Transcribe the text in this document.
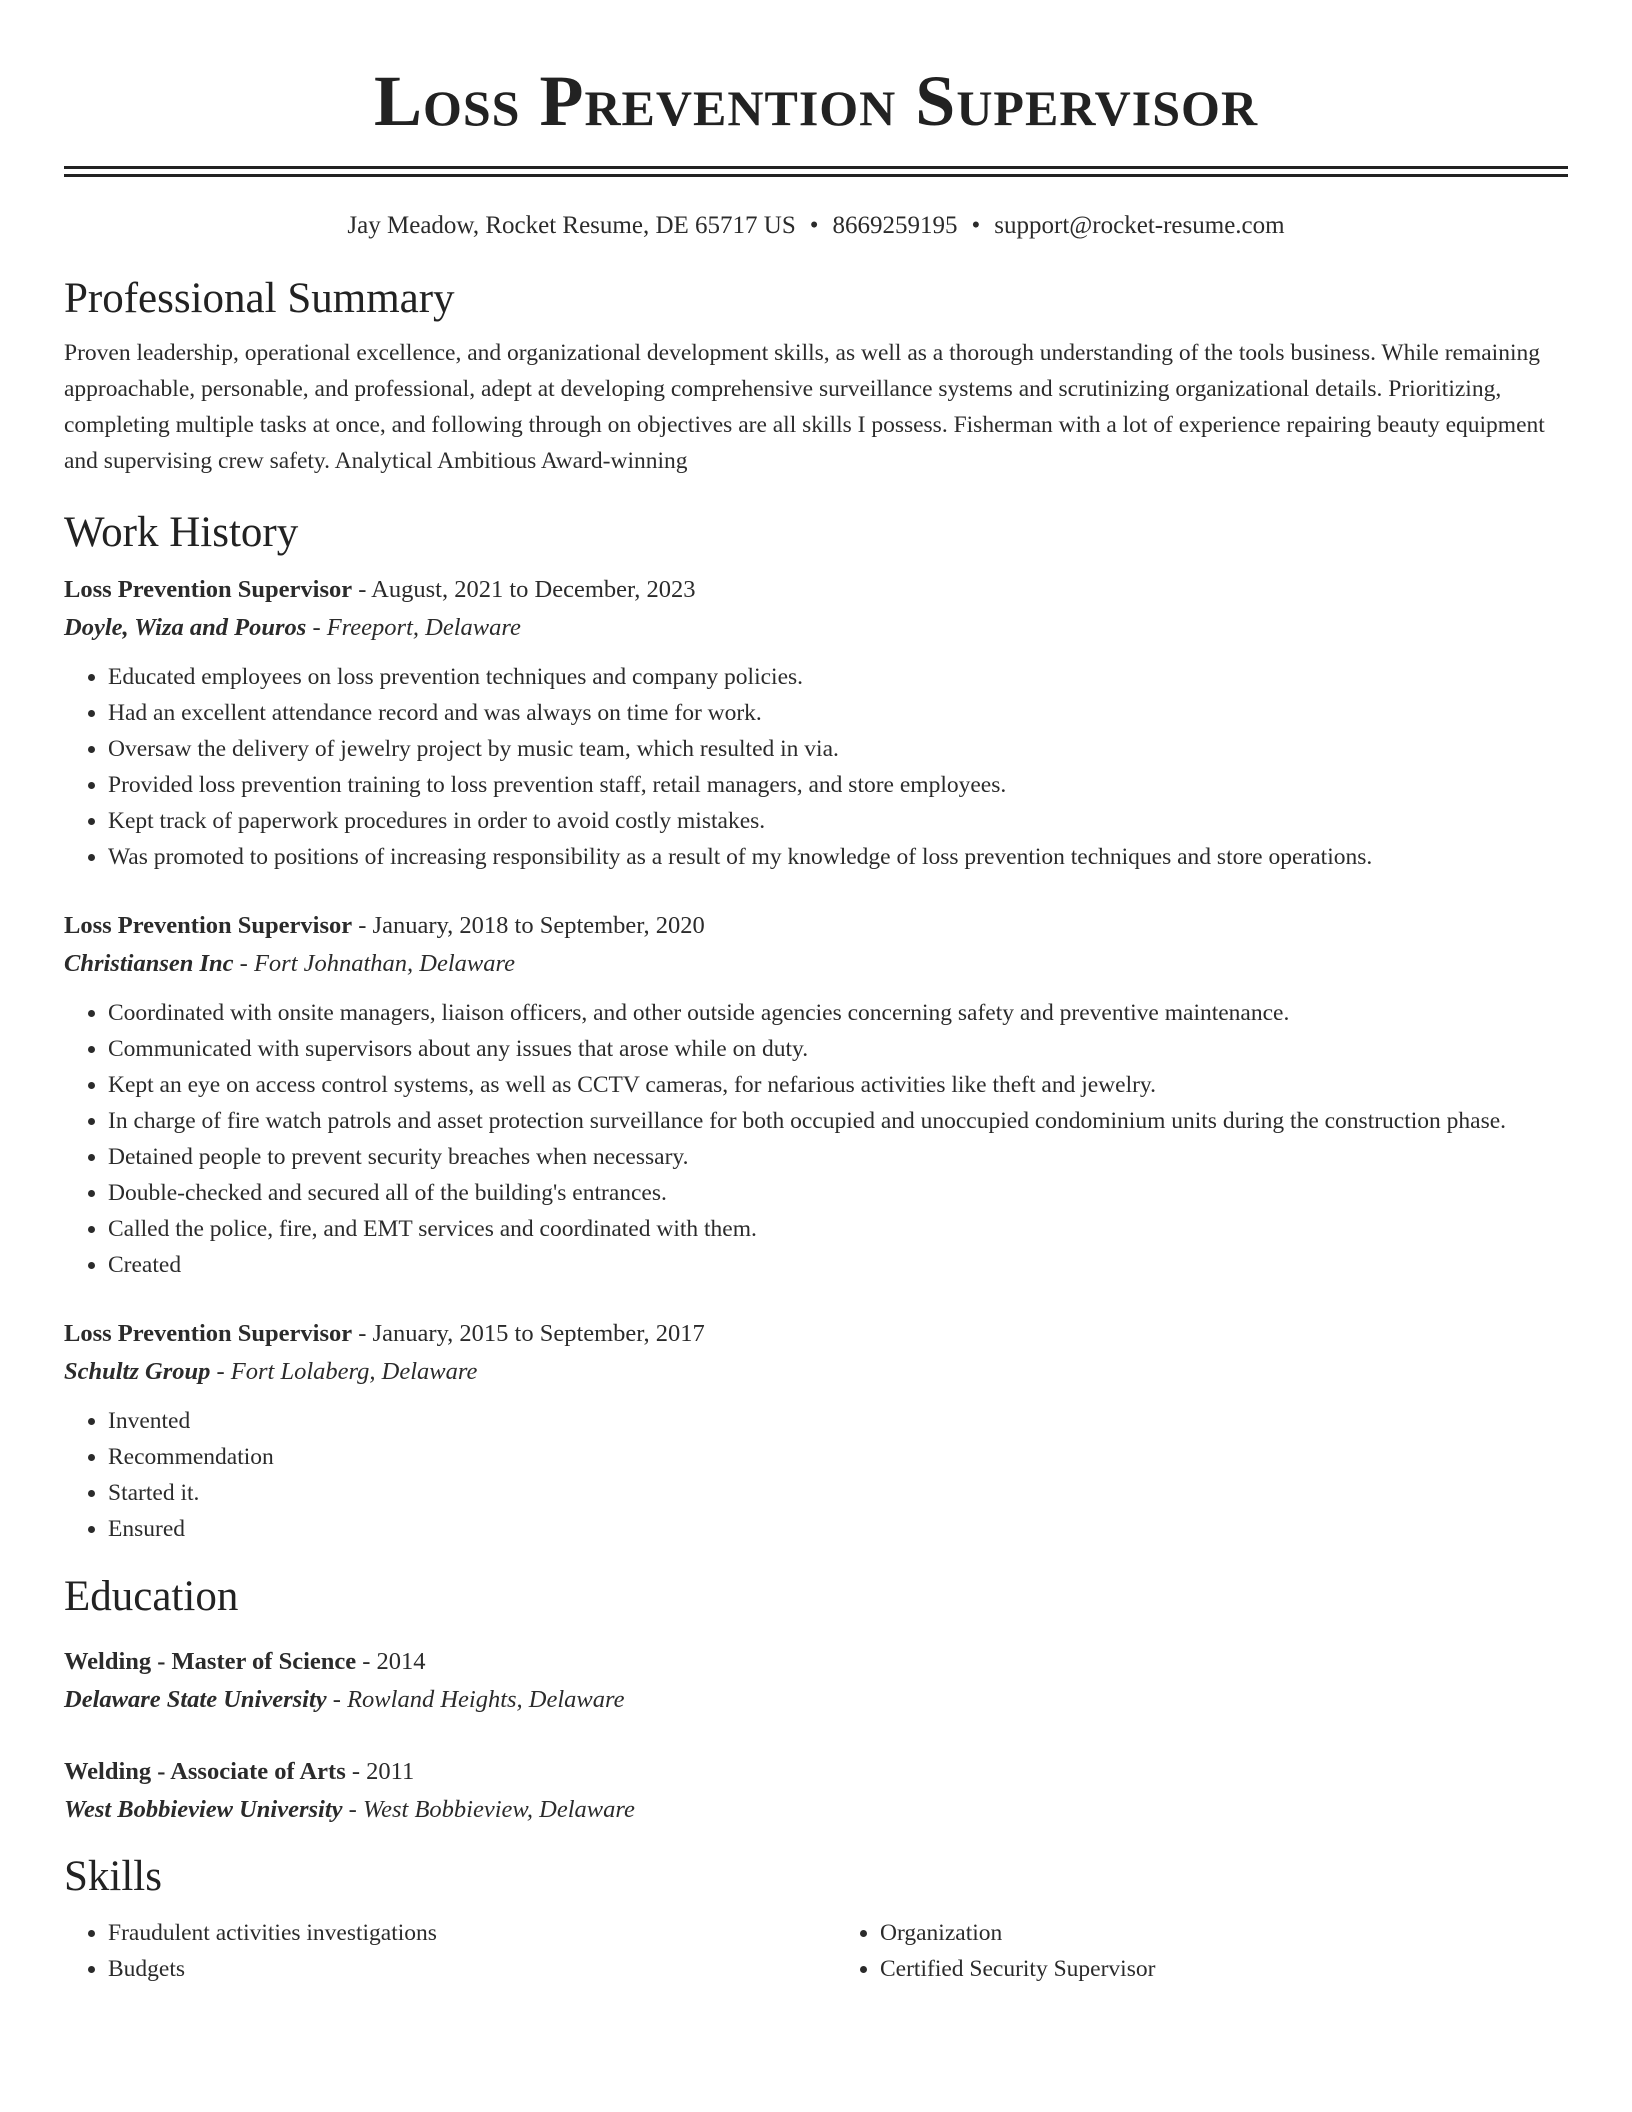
Loss Prevention Supervisor
Jay Meadow, Rocket Resume, DE 65717 US • 8669259195 • support@rocket-resume.com
Professional Summary

Proven leadership, operational excellence, and organizational development skills, as well as a thorough understanding of the tools business. While remaining approachable, personable, and professional, adept at developing comprehensive surveillance systems and scrutinizing organizational details. Prioritizing, completing multiple tasks at once, and following through on objectives are all skills I possess. Fisherman with a lot of experience repairing beauty equipment and supervising crew safety. Analytical Ambitious Award-winning

Work History

Loss Prevention Supervisor - August, 2021 to December, 2023

Doyle, Wiza and Pouros - Freeport, Delaware

• Educated employees on loss prevention techniques and company policies.
• Had an excellent attendance record and was always on time for work.
• Oversaw the delivery of jewelry project by music team, which resulted in via.
• Provided loss prevention training to loss prevention staff, retail managers, and store employees.
• Kept track of paperwork procedures in order to avoid costly mistakes.
• Was promoted to positions of increasing responsibility as a result of my knowledge of loss prevention techniques and store operations.

Loss Prevention Supervisor - January, 2018 to September, 2020

Christiansen Inc - Fort Johnathan, Delaware

• Coordinated with onsite managers, liaison officers, and other outside agencies concerning safety and preventive maintenance.
• Communicated with supervisors about any issues that arose while on duty.
• Kept an eye on access control systems, as well as CCTV cameras, for nefarious activities like theft and jewelry.
• In charge of fire watch patrols and asset protection surveillance for both occupied and unoccupied condominium units during the construction phase.
• Detained people to prevent security breaches when necessary.
• Double-checked and secured all of the building's entrances.
• Called the police, fire, and EMT services and coordinated with them.
• Created

Loss Prevention Supervisor - January, 2015 to September, 2017

Schultz Group - Fort Lolaberg, Delaware

• Invented
• Recommendation
• Started it.
• Ensured
Education

Welding - Master of Science - 2014

Delaware State University - Rowland Heights, Delaware

Welding - Associate of Arts - 2011

West Bobbieview University - West Bobbieview, Delaware

Skills
• Fraudulent activities investigations
• Budgets
• Organization
• Certified Security Supervisor
